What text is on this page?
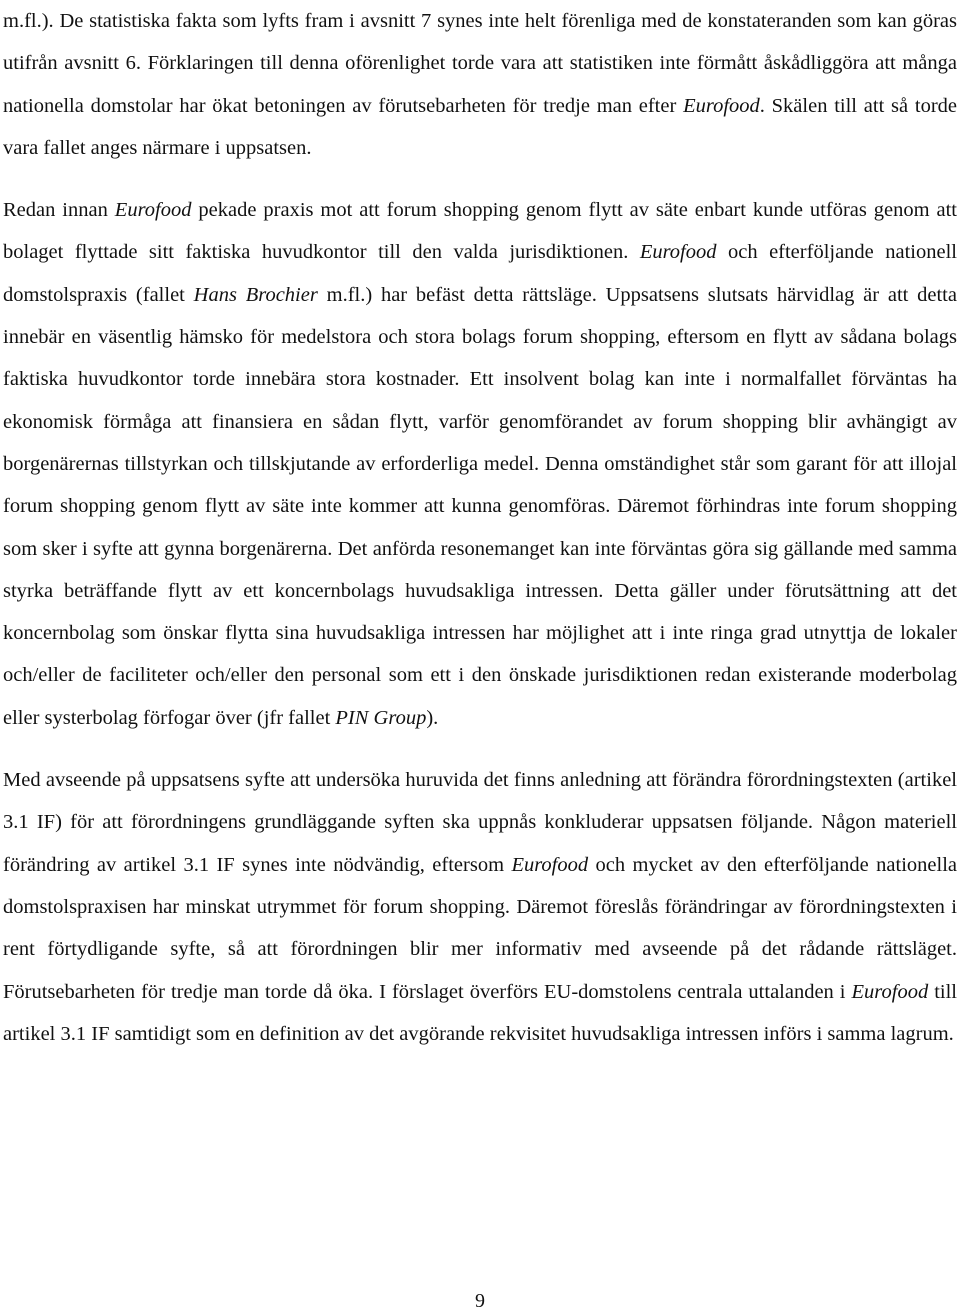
m.fl.). De statistiska fakta som lyfts fram i avsnitt 7 synes inte helt förenliga med de konstateranden som kan göras utifrån avsnitt 6. Förklaringen till denna oförenlighet torde vara att statistiken inte förmått åskådliggöra att många nationella domstolar har ökat betoningen av förutsebarheten för tredje man efter Eurofood. Skälen till att så torde vara fallet anges närmare i uppsatsen.

Redan innan Eurofood pekade praxis mot att forum shopping genom flytt av säte enbart kunde utföras genom att bolaget flyttade sitt faktiska huvudkontor till den valda jurisdiktionen. Eurofood och efterföljande nationell domstolspraxis (fallet Hans Brochier m.fl.) har befäst detta rättsläge. Uppsatsens slutsats härvidlag är att detta innebär en väsentlig hämsko för medelstora och stora bolags forum shopping, eftersom en flytt av sådana bolags faktiska huvudkontor torde innebära stora kostnader. Ett insolvent bolag kan inte i normalfallet förväntas ha ekonomisk förmåga att finansiera en sådan flytt, varför genomförandet av forum shopping blir avhängigt av borgenärernas tillstyrkan och tillskjutande av erforderliga medel. Denna omständighet står som garant för att illojal forum shopping genom flytt av säte inte kommer att kunna genomföras. Däremot förhindras inte forum shopping som sker i syfte att gynna borgenärerna. Det anförda resonemanget kan inte förväntas göra sig gällande med samma styrka beträffande flytt av ett koncernbolags huvudsakliga intressen. Detta gäller under förutsättning att det koncernbolag som önskar flytta sina huvudsakliga intressen har möjlighet att i inte ringa grad utnyttja de lokaler och/eller de faciliteter och/eller den personal som ett i den önskade jurisdiktionen redan existerande moderbolag eller systerbolag förfogar över (jfr fallet PIN Group).

Med avseende på uppsatsens syfte att undersöka huruvida det finns anledning att förändra förordningstexten (artikel 3.1 IF) för att förordningens grundläggande syften ska uppnås konkluderar uppsatsen följande. Någon materiell förändring av artikel 3.1 IF synes inte nödvändig, eftersom Eurofood och mycket av den efterföljande nationella domstolspraxisen har minskat utrymmet för forum shopping. Däremot föreslås förändringar av förordningstexten i rent förtydligande syfte, så att förordningen blir mer informativ med avseende på det rådande rättsläget. Förutsebarheten för tredje man torde då öka. I förslaget överförs EU-domstolens centrala uttalanden i Eurofood till artikel 3.1 IF samtidigt som en definition av det avgörande rekvisitet huvudsakliga intressen införs i samma lagrum.

9
